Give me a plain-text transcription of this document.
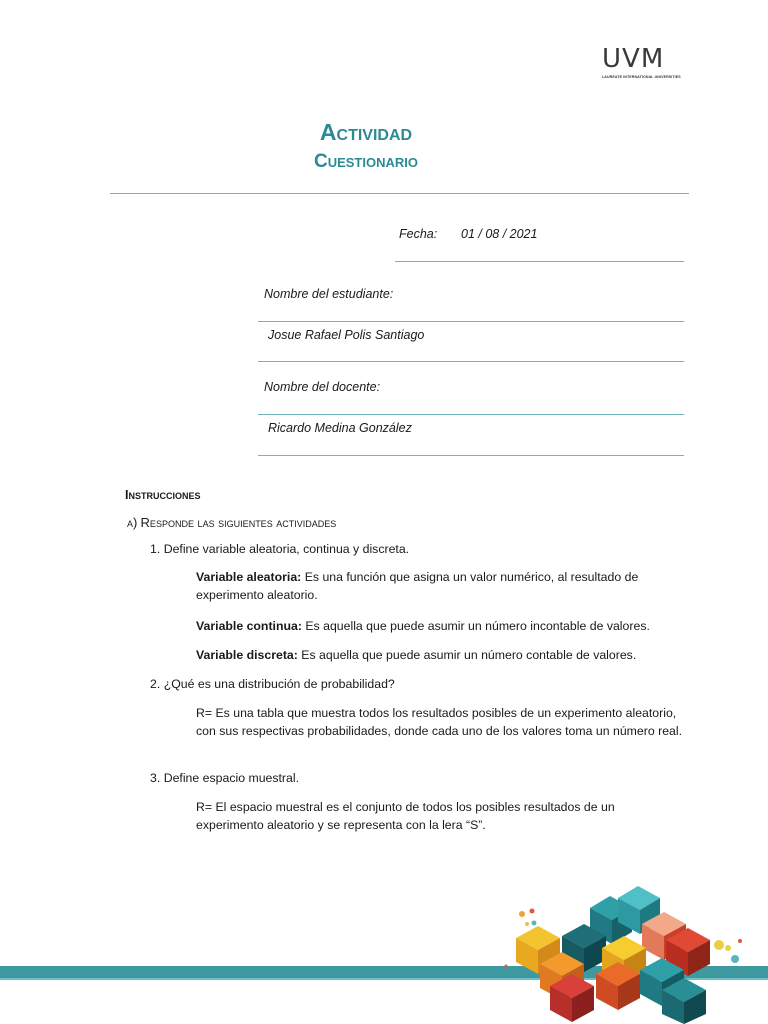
UVM
LAUREATE INTERNATIONAL UNIVERSITIES
Actividad
Cuestionario
Fecha: 01 / 08 / 2021
Nombre del estudiante:
Josue Rafael Polis Santiago
Nombre del docente:
Ricardo Medina González
Instrucciones
a) Responde las siguientes actividades
1. Define variable aleatoria, continua y discreta.
Variable aleatoria: Es una función que asigna un valor numérico, al resultado de experimento aleatorio.
Variable continua: Es aquella que puede asumir un número incontable de valores.
Variable discreta: Es aquella que puede asumir un número contable de valores.
2. ¿Qué es una distribución de probabilidad?
R= Es una tabla que muestra todos los resultados posibles de un experimento aleatorio, con sus respectivas probabilidades, donde cada uno de los valores toma un número real.
3. Define espacio muestral.
R= El espacio muestral es el conjunto de todos los posibles resultados de un experimento aleatorio y se representa con la lera “S”.
